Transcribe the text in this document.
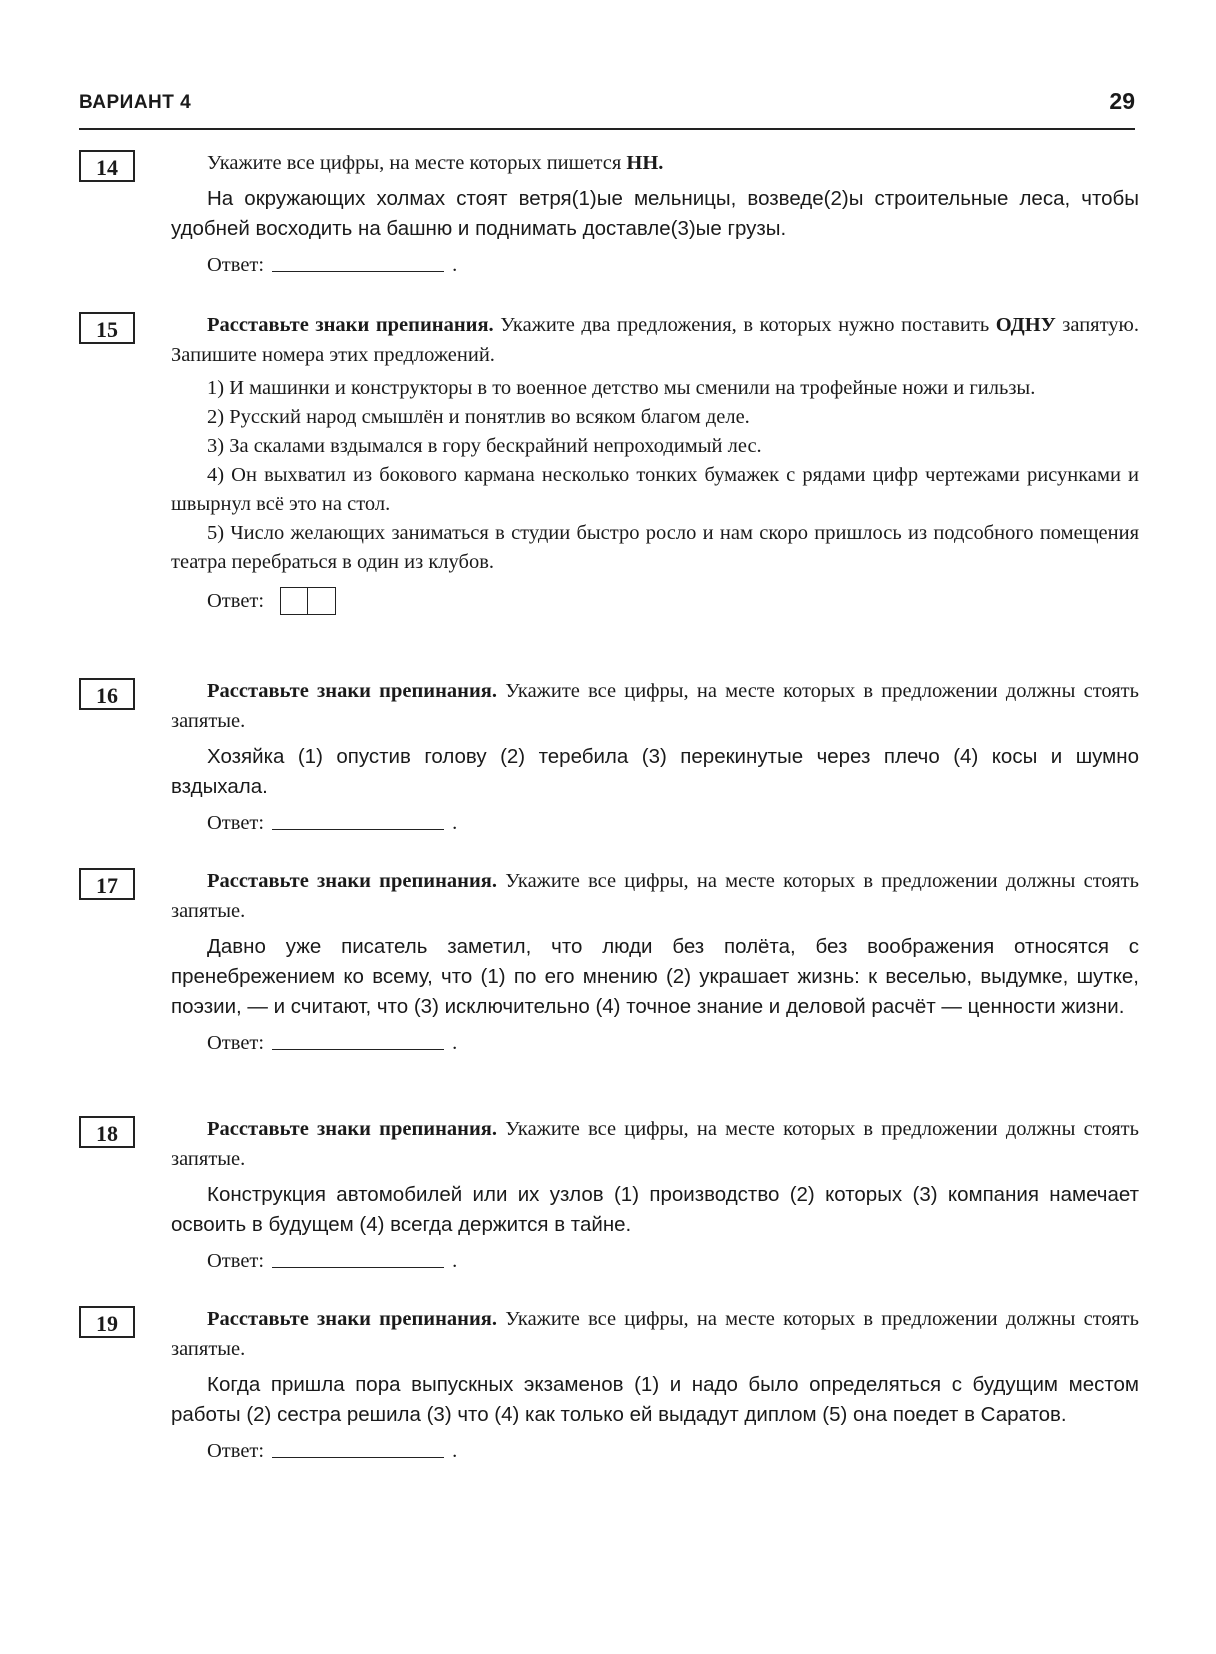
ВАРИАНТ 4	29
14	Укажите все цифры, на месте которых пишется НН.

На окружающих холмах стоят ветря(1)ые мельницы, возведе(2)ы строительные леса, чтобы удобней восходить на башню и поднимать доставле(3)ые грузы.

Ответ:	.
15	Расставьте знаки препинания. Укажите два предложения, в которых нужно поставить ОДНУ запятую. Запишите номера этих предложений.

1) И машинки и конструкторы в то военное детство мы сменили на трофейные ножи и гильзы.

2) Русский народ смышлён и понятлив во всяком благом деле.

3) За скалами вздымался в гору бескрайний непроходимый лес.

4) Он выхватил из бокового кармана несколько тонких бумажек с рядами цифр чертежами рисунками и швырнул всё это на стол.

5) Число желающих заниматься в студии быстро росло и нам скоро пришлось из подсобного помещения театра перебраться в один из клубов.

Ответ:
16	Расставьте знаки препинания. Укажите все цифры, на месте которых в предложении должны стоять запятые.

Хозяйка (1) опустив голову (2) теребила (3) перекинутые через плечо (4) косы и шумно вздыхала.

Ответ:	.
17	Расставьте знаки препинания. Укажите все цифры, на месте которых в предложении должны стоять запятые.

Давно уже писатель заметил, что люди без полёта, без воображения относятся с пренебрежением ко всему, что (1) по его мнению (2) украшает жизнь: к веселью, выдумке, шутке, поэзии, — и считают, что (3) исключительно (4) точное знание и деловой расчёт — ценности жизни.

Ответ:	.
18	Расставьте знаки препинания. Укажите все цифры, на месте которых в предложении должны стоять запятые.

Конструкция автомобилей или их узлов (1) производство (2) которых (3) компания намечает освоить в будущем (4) всегда держится в тайне.

Ответ:	.
19	Расставьте знаки препинания. Укажите все цифры, на месте которых в предложении должны стоять запятые.

Когда пришла пора выпускных экзаменов (1) и надо было определяться с будущим местом работы (2) сестра решила (3) что (4) как только ей выдадут диплом (5) она поедет в Саратов.

Ответ:	.
